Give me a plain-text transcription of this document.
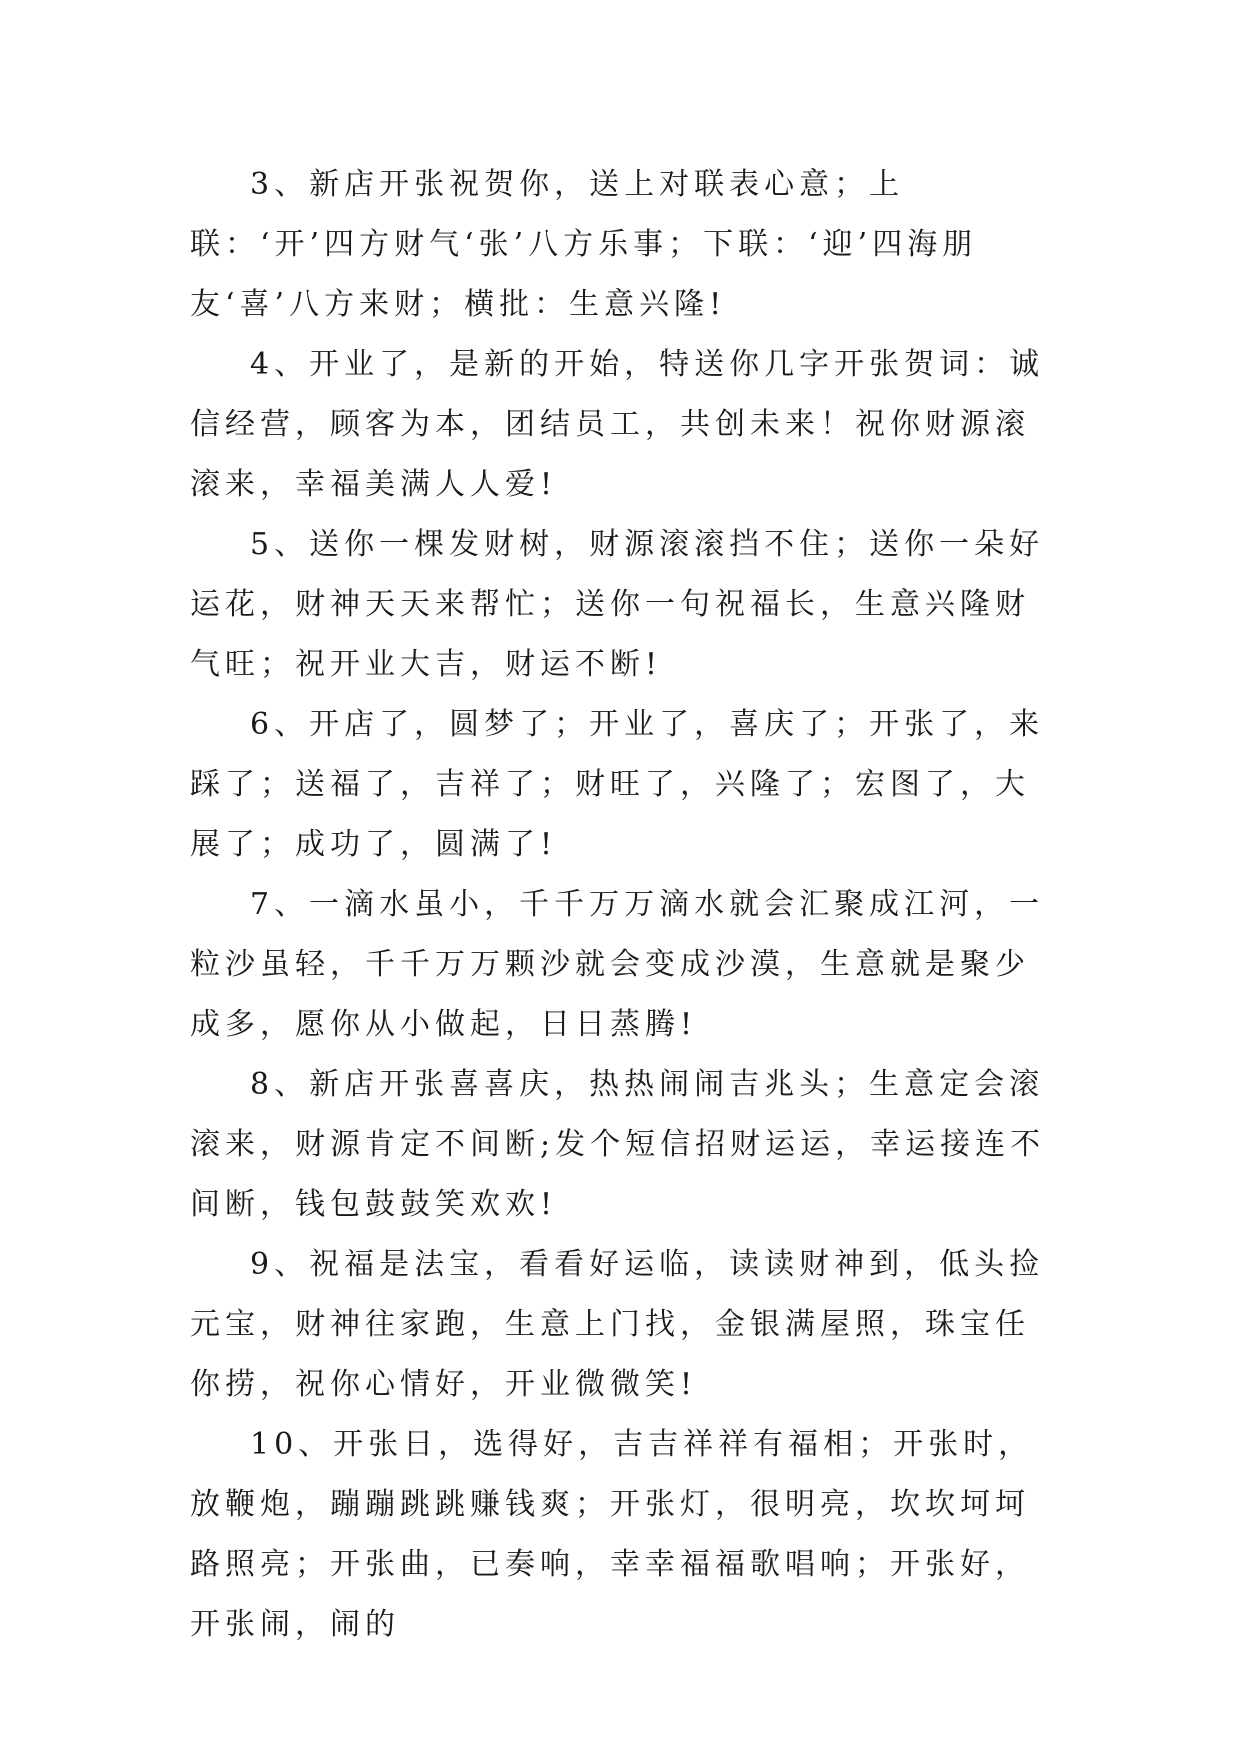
3、新店开张祝贺你，送上对联表心意；上联：‘开’四方财气‘张’八方乐事；下联：‘迎’四海朋友‘喜’八方来财；横批：生意兴隆!

4、开业了，是新的开始，特送你几字开张贺词：诚信经营，顾客为本，团结员工，共创未来！祝你财源滚滚来，幸福美满人人爱!

5、送你一棵发财树，财源滚滚挡不住；送你一朵好运花，财神天天来帮忙；送你一句祝福长，生意兴隆财气旺；祝开业大吉，财运不断!

6、开店了，圆梦了；开业了，喜庆了；开张了，来踩了；送福了，吉祥了；财旺了，兴隆了；宏图了，大展了；成功了，圆满了!

7、一滴水虽小，千千万万滴水就会汇聚成江河，一粒沙虽轻，千千万万颗沙就会变成沙漠，生意就是聚少成多，愿你从小做起，日日蒸腾!

8、新店开张喜喜庆，热热闹闹吉兆头；生意定会滚滚来，财源肯定不间断;发个短信招财运运，幸运接连不间断，钱包鼓鼓笑欢欢!

9、祝福是法宝，看看好运临，读读财神到，低头捡元宝，财神往家跑，生意上门找，金银满屋照，珠宝任你捞，祝你心情好，开业微微笑!

10、开张日，选得好，吉吉祥祥有福相；开张时，放鞭炮，蹦蹦跳跳赚钱爽；开张灯，很明亮，坎坎坷坷路照亮；开张曲，已奏响，幸幸福福歌唱响；开张好，开张闹，闹的
